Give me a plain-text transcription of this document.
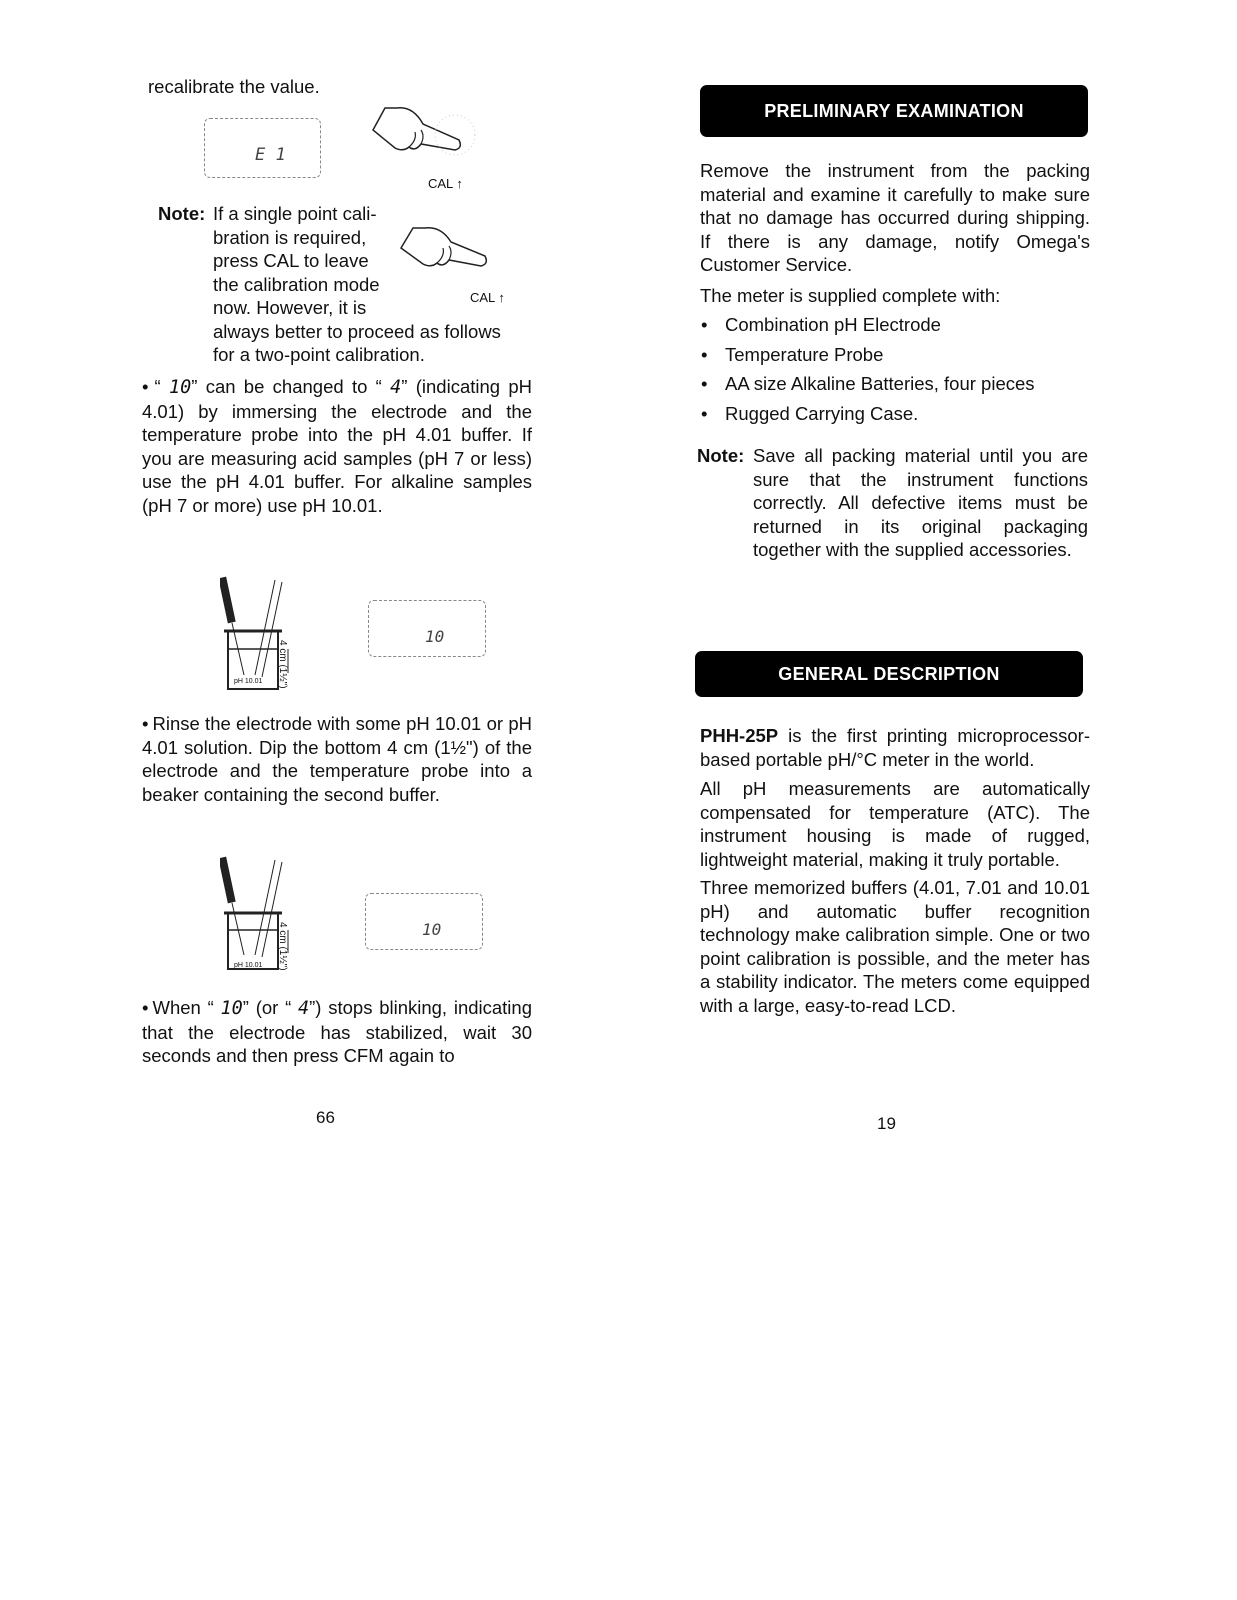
recalibrate the value.
E 1
CAL ↑
Note: If a single point cali-
bration is required,
press CAL to leave
the calibration mode
now. However, it is
always better to proceed as follows
for a two-point calibration.
CAL ↑
• “ 10” can be changed to “ 4” (indicating pH 4.01) by immersing the electrode and the temperature probe into the pH 4.01 buffer. If you are measuring acid samples (pH 7 or less) use the pH 4.01 buffer. For alkaline samples (pH 7 or more) use pH 10.01.
4 cm (1½")
pH 10.01
10
• Rinse the electrode with some pH 10.01 or pH 4.01 solution. Dip the bottom 4 cm (1½") of the electrode and the temperature probe into a beaker containing the second buffer.
4 cm (1½")
pH 10.01
10
• When “ 10” (or “ 4”) stops blinking, indicating that the electrode has stabilized, wait 30 seconds and then press CFM again to
66
PRELIMINARY EXAMINATION
Remove the instrument from the packing material and examine it carefully to make sure that no damage has occurred during shipping. If there is any damage, notify Omega's Customer Service.
The meter is supplied complete with:
• Combination pH Electrode
• Temperature Probe
• AA size Alkaline Batteries, four pieces
• Rugged Carrying Case.
Note: Save all packing material until you are sure that the instrument functions correctly. All defective items must be returned in its original packaging together with the supplied accessories.
GENERAL DESCRIPTION
PHH-25P is the first printing microprocessor-based portable pH/°C meter in the world.
All pH measurements are automatically compensated for temperature (ATC). The instrument housing is made of rugged, lightweight material, making it truly portable.
Three memorized buffers (4.01, 7.01 and 10.01 pH) and automatic buffer recognition technology make calibration simple. One or two point calibration is possible, and the meter has a stability indicator. The meters come equipped with a large, easy-to-read LCD.
19
